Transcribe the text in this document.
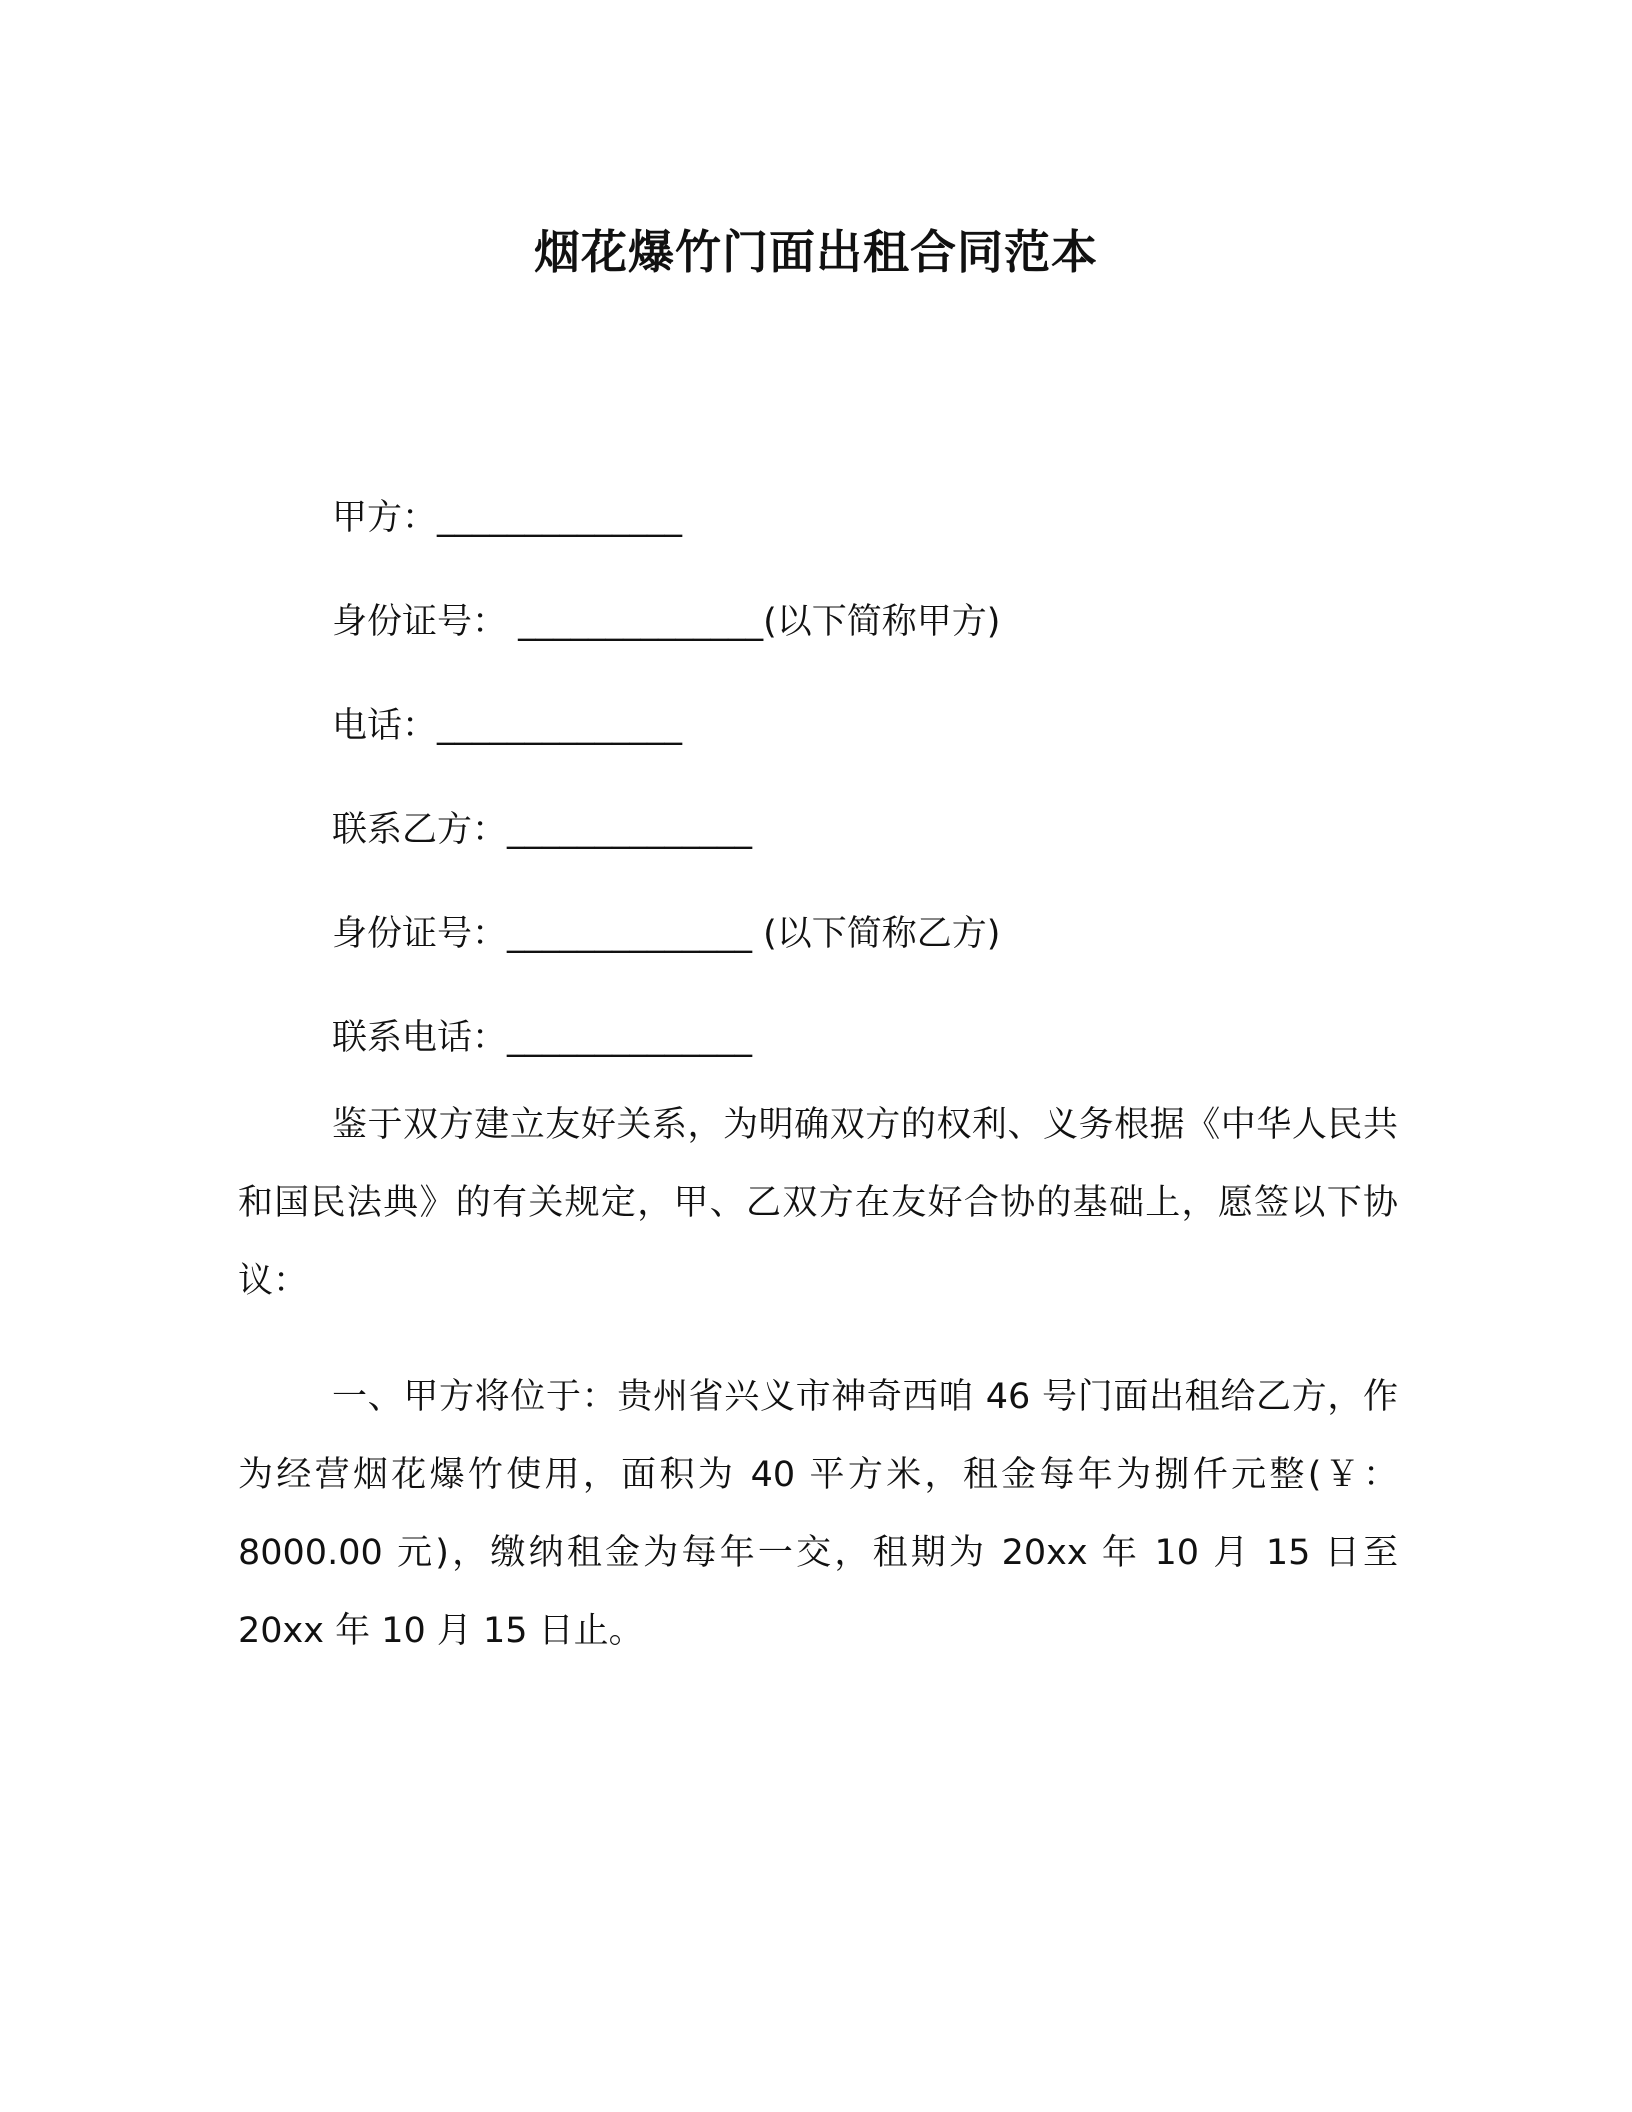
烟花爆竹门面出租合同范本
甲方：______________
身份证号： ______________(以下简称甲方)
电话：______________
联系乙方：______________
身份证号：______________ (以下简称乙方)
联系电话：______________

鉴于双方建立友好关系，为明确双方的权利、义务根据《中华人民共和国民法典》的有关规定，甲、乙双方在友好合协的基础上，愿签以下协议：

一、甲方将位于：贵州省兴义市神奇西咱 46 号门面出租给乙方，作为经营烟花爆竹使用，面积为 40 平方米，租金每年为捌仟元整(￥：8000.00 元)，缴纳租金为每年一交，租期为 20xx 年 10 月 15 日至 20xx 年 10 月 15 日止。
